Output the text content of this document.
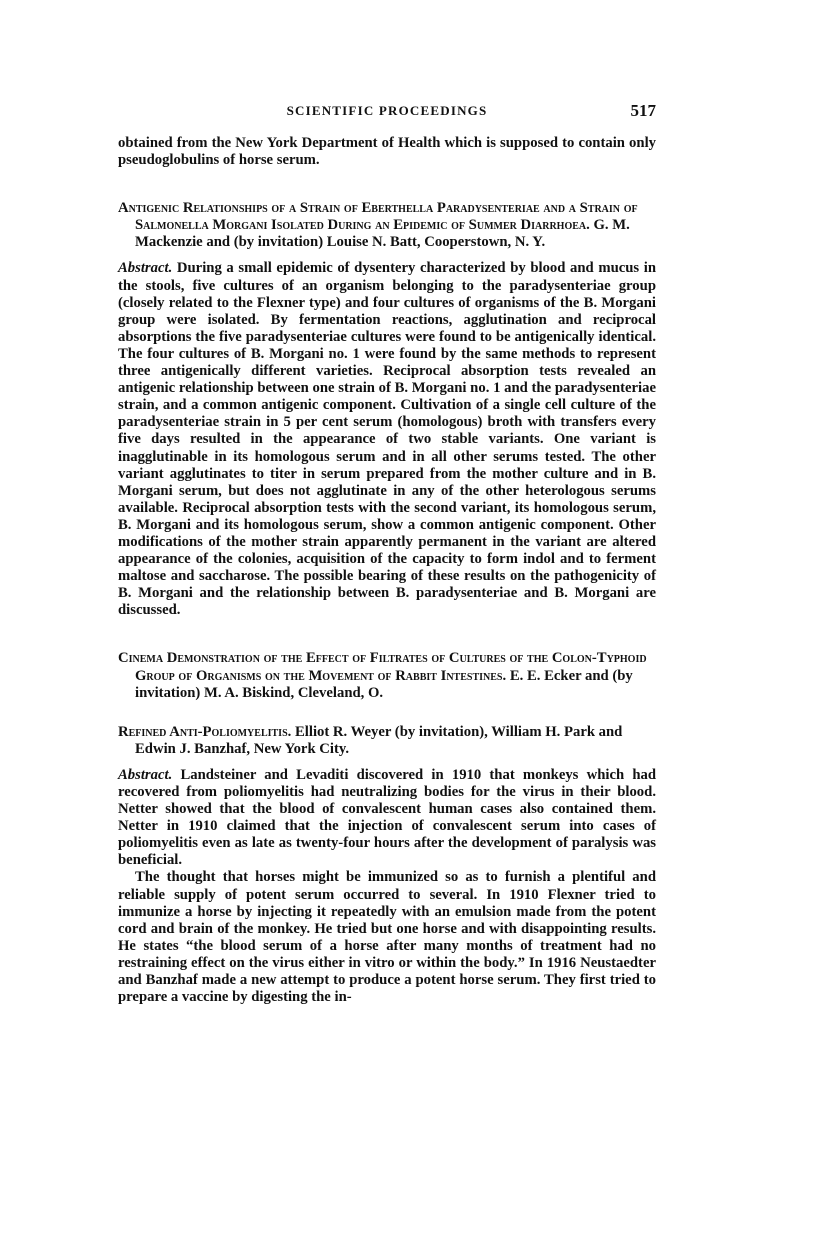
SCIENTIFIC PROCEEDINGS	517

obtained from the New York Department of Health which is supposed to contain only pseudoglobulins of horse serum.

Antigenic Relationships of a Strain of Eberthella Paradysenteriae and a Strain of Salmonella Morgani Isolated During an Epidemic of Summer Diarrhoea. G. M. Mackenzie and (by invitation) Louise N. Batt, Cooperstown, N. Y.

Abstract. During a small epidemic of dysentery characterized by blood and mucus in the stools, five cultures of an organism belonging to the paradysenteriae group (closely related to the Flexner type) and four cultures of organisms of the B. Morgani group were isolated. By fermentation reactions, agglutination and reciprocal absorptions the five paradysenteriae cultures were found to be antigenically identical. The four cultures of B. Morgani no. 1 were found by the same methods to represent three antigenically different varieties. Reciprocal absorption tests revealed an antigenic relationship between one strain of B. Morgani no. 1 and the paradysenteriae strain, and a common antigenic component. Cultivation of a single cell culture of the paradysenteriae strain in 5 per cent serum (homologous) broth with transfers every five days resulted in the appearance of two stable variants. One variant is inagglutinable in its homologous serum and in all other serums tested. The other variant agglutinates to titer in serum prepared from the mother culture and in B. Morgani serum, but does not agglutinate in any of the other heterologous serums available. Reciprocal absorption tests with the second variant, its homologous serum, B. Morgani and its homologous serum, show a common antigenic component. Other modifications of the mother strain apparently permanent in the variant are altered appearance of the colonies, acquisition of the capacity to form indol and to ferment maltose and saccharose. The possible bearing of these results on the pathogenicity of B. Morgani and the relationship between B. paradysenteriae and B. Morgani are discussed.

Cinema Demonstration of the Effect of Filtrates of Cultures of the Colon-Typhoid Group of Organisms on the Movement of Rabbit Intestines. E. E. Ecker and (by invitation) M. A. Biskind, Cleveland, O.

Refined Anti-Poliomyelitis. Elliot R. Weyer (by invitation), William H. Park and Edwin J. Banzhaf, New York City.

Abstract. Landsteiner and Levaditi discovered in 1910 that monkeys which had recovered from poliomyelitis had neutralizing bodies for the virus in their blood. Netter showed that the blood of convalescent human cases also contained them. Netter in 1910 claimed that the injection of convalescent serum into cases of poliomyelitis even as late as twenty-four hours after the development of paralysis was beneficial.

The thought that horses might be immunized so as to furnish a plentiful and reliable supply of potent serum occurred to several. In 1910 Flexner tried to immunize a horse by injecting it repeatedly with an emulsion made from the potent cord and brain of the monkey. He tried but one horse and with disappointing results. He states “the blood serum of a horse after many months of treatment had no restraining effect on the virus either in vitro or within the body.” In 1916 Neustaedter and Banzhaf made a new attempt to produce a potent horse serum. They first tried to prepare a vaccine by digesting the in-
